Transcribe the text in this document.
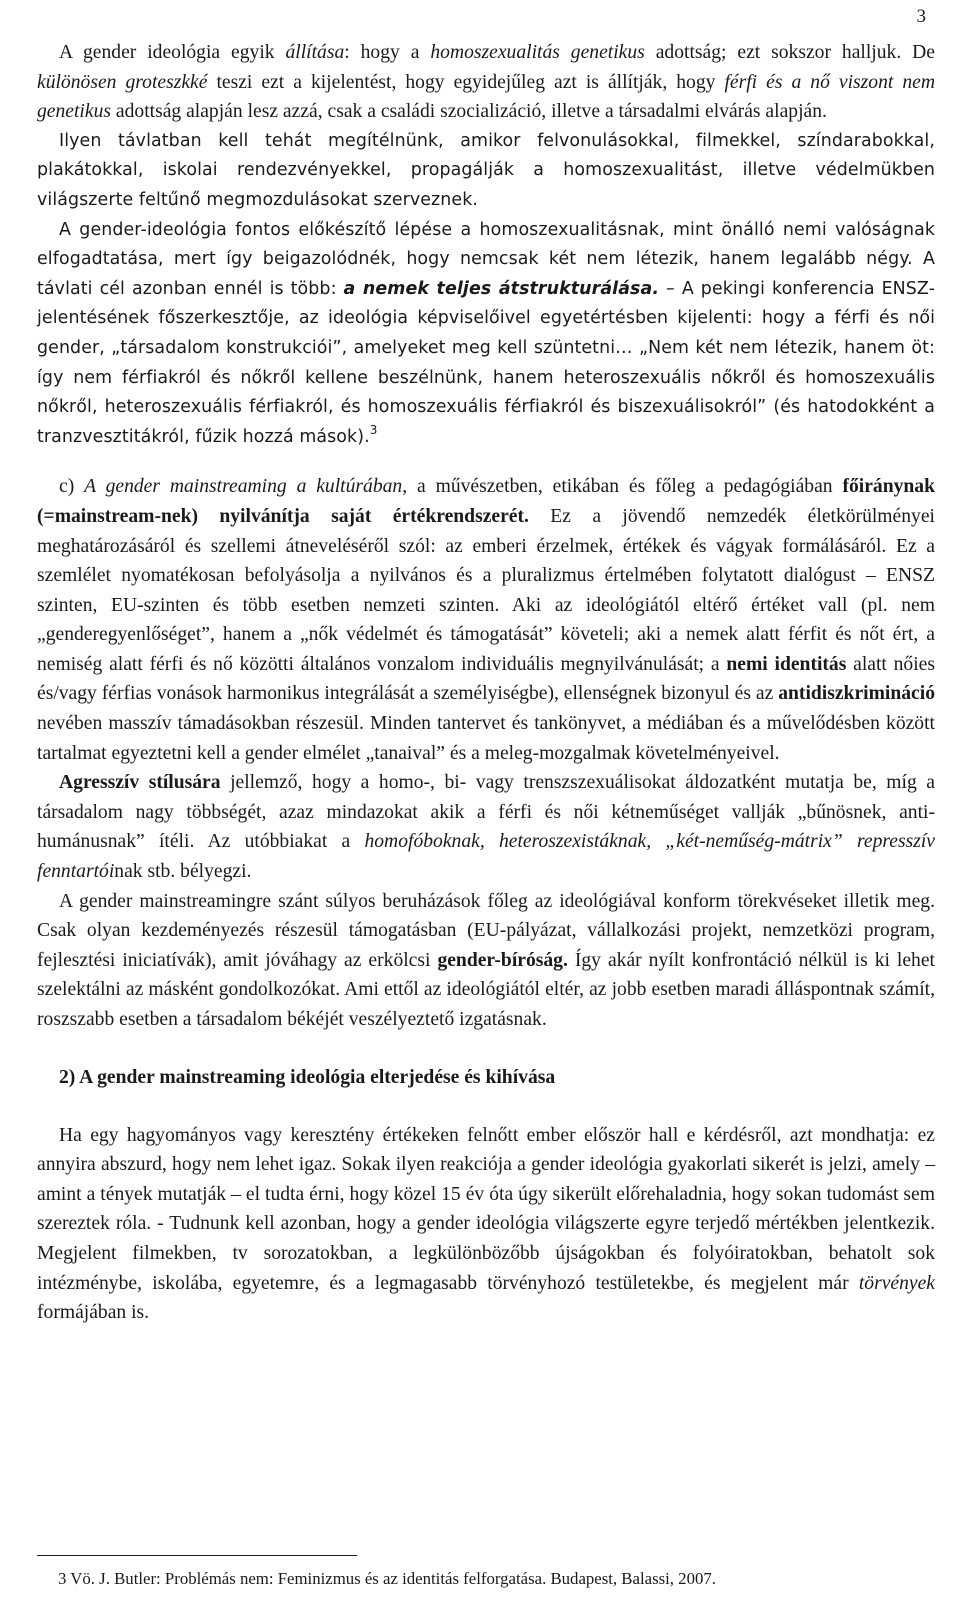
3

A gender ideológia egyik állítása: hogy a homoszexualitás genetikus adottság; ezt sokszor halljuk. De különösen groteszkké teszi ezt a kijelentést, hogy egyidejűleg azt is állítják, hogy férfi és a nő viszont nem genetikus adottság alapján lesz azzá, csak a családi szocializáció, illetve a társadalmi elvárás alapján.

Ilyen távlatban kell tehát megítélnünk, amikor felvonulásokkal, filmekkel, színdarabokkal, plakátokkal, iskolai rendezvényekkel, propagálják a homoszexualitást, illetve védelmükben világszerte feltűnő megmozdulásokat szerveznek.

A gender-ideológia fontos előkészítő lépése a homoszexualitásnak, mint önálló nemi valóságnak elfogadtatása, mert így beigazolódnék, hogy nemcsak két nem létezik, hanem legalább négy. A távlati cél azonban ennél is több: a nemek teljes átstrukturálása. – A pekingi konferencia ENSZ-jelentésének főszerkesztője, az ideológia képviselőivel egyetértésben kijelenti: hogy a férfi és női gender, „társadalom konstrukciói”, amelyeket meg kell szüntetni… „Nem két nem létezik, hanem öt: így nem férfiakról és nőkről kellene beszélnünk, hanem heteroszexuális nőkről és homoszexuális nőkről, heteroszexuális férfiakról, és homoszexuális férfiakról és biszexuálisokról” (és hatodokként a tranzvesztitákról, fűzik hozzá mások).$^3$

c) A gender mainstreaming a kultúrában, a művészetben, etikában és főleg a pedagógiában főiránynak (=mainstream-nek) nyilvánítja saját értékrendszerét. Ez a jövendő nemzedék életkörülményei meghatározásáról és szellemi átneveléséről szól: az emberi érzelmek, értékek és vágyak formálásáról. Ez a szemlélet nyomatékosan befolyásolja a nyilvános és a pluralizmus értelmében folytatott dialógust – ENSZ szinten, EU-szinten és több esetben nemzeti szinten. Aki az ideológiától eltérő értéket vall (pl. nem „genderegyenlőséget”, hanem a „nők védelmét és támogatását” követeli; aki a nemek alatt férfit és nőt ért, a nemiség alatt férfi és nő közötti általános vonzalom individuális megnyilvánulását; a nemi identitás alatt nőies és/vagy férfias vonások harmonikus integrálását a személyiségbe), ellenségnek bizonyul és az antidiszkrimináció nevében masszív támadásokban részesül. Minden tantervet és tankönyvet, a médiában és a művelődésben között tartalmat egyeztetni kell a gender elmélet „tanaival” és a meleg-mozgalmak követelményeivel.

Agresszív stílusára jellemző, hogy a homo-, bi- vagy trenszszexuálisokat áldozatként mutatja be, míg a társadalom nagy többségét, azaz mindazokat akik a férfi és női kétneműséget vallják „bűnösnek, anti-humánusnak” ítéli. Az utóbbiakat a homofóboknak, heteroszexistáknak, „két-neműség-mátrix” represszív fenntartóinak stb. bélyegzi.

A gender mainstreamingre szánt súlyos beruházások főleg az ideológiával konform törekvéseket illetik meg. Csak olyan kezdeményezés részesül támogatásban (EU-pályázat, vállalkozási projekt, nemzetközi program, fejlesztési iniciatívák), amit jóváhagy az erkölcsi gender-bíróság. Így akár nyílt konfrontáció nélkül is ki lehet szelektálni az másként gondolkozókat. Ami ettől az ideológiától eltér, az jobb esetben maradi álláspontnak számít, roszszabb esetben a társadalom békéjét veszélyeztető izgatásnak.

2) A gender mainstreaming ideológia elterjedése és kihívása

Ha egy hagyományos vagy keresztény értékeken felnőtt ember először hall e kérdésről, azt mondhatja: ez annyira abszurd, hogy nem lehet igaz. Sokak ilyen reakciója a gender ideológia gyakorlati sikerét is jelzi, amely – amint a tények mutatják – el tudta érni, hogy közel 15 év óta úgy sikerült előrehaladnia, hogy sokan tudomást sem szereztek róla. - Tudnunk kell azonban, hogy a gender ideológia világszerte egyre terjedő mértékben jelentkezik. Megjelent filmekben, tv sorozatokban, a legkülönbözőbb újságokban és folyóiratokban, behatolt sok intézménybe, iskolába, egyetemre, és a legmagasabb törvényhozó testületekbe, és megjelent már törvények formájában is.

3 Vö. J. Butler: Problémás nem: Feminizmus és az identitás felforgatása. Budapest, Balassi, 2007.
